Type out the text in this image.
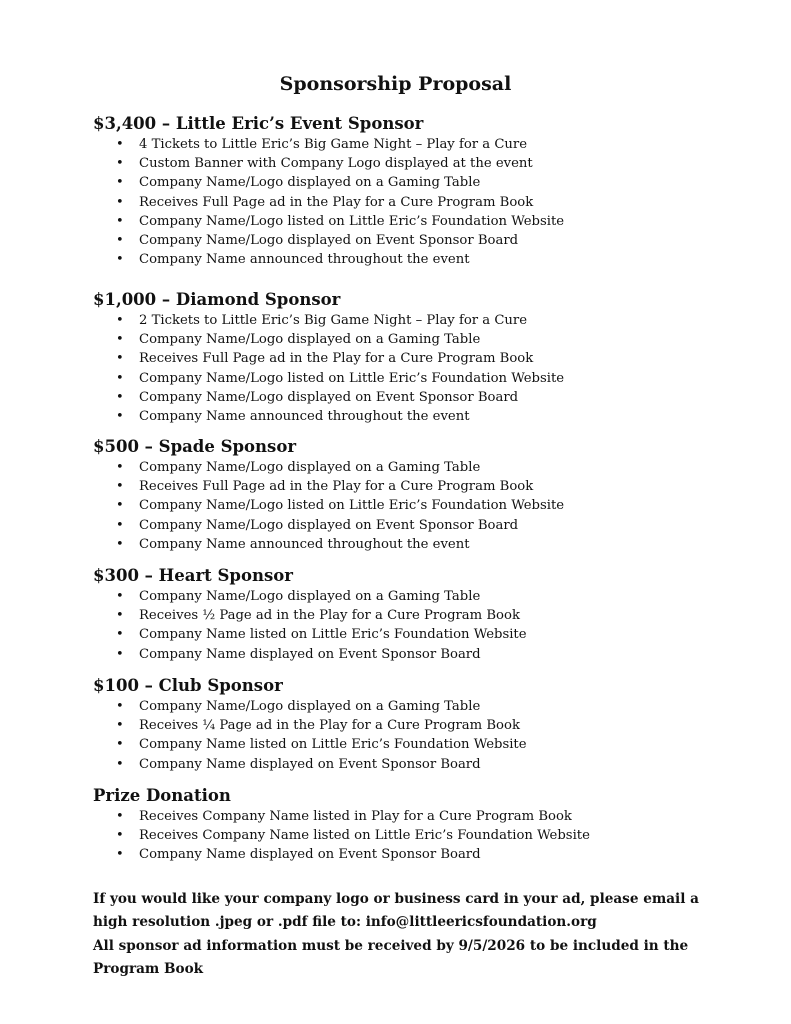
Sponsorship Proposal
$3,400 – Little Eric’s Event Sponsor
• 4 Tickets to Little Eric’s Big Game Night – Play for a Cure
• Custom Banner with Company Logo displayed at the event
• Company Name/Logo displayed on a Gaming Table
• Receives Full Page ad in the Play for a Cure Program Book
• Company Name/Logo listed on Little Eric’s Foundation Website
• Company Name/Logo displayed on Event Sponsor Board
• Company Name announced throughout the event
$1,000 – Diamond Sponsor
• 2 Tickets to Little Eric’s Big Game Night – Play for a Cure
• Company Name/Logo displayed on a Gaming Table
• Receives Full Page ad in the Play for a Cure Program Book
• Company Name/Logo listed on Little Eric’s Foundation Website
• Company Name/Logo displayed on Event Sponsor Board
• Company Name announced throughout the event
$500 – Spade Sponsor
• Company Name/Logo displayed on a Gaming Table
• Receives Full Page ad in the Play for a Cure Program Book
• Company Name/Logo listed on Little Eric’s Foundation Website
• Company Name/Logo displayed on Event Sponsor Board
• Company Name announced throughout the event
$300 – Heart Sponsor
• Company Name/Logo displayed on a Gaming Table
• Receives ½ Page ad in the Play for a Cure Program Book
• Company Name listed on Little Eric’s Foundation Website
• Company Name displayed on Event Sponsor Board
$100 – Club Sponsor
• Company Name/Logo displayed on a Gaming Table
• Receives ¼ Page ad in the Play for a Cure Program Book
• Company Name listed on Little Eric’s Foundation Website
• Company Name displayed on Event Sponsor Board
Prize Donation
• Receives Company Name listed in Play for a Cure Program Book
• Receives Company Name listed on Little Eric’s Foundation Website
• Company Name displayed on Event Sponsor Board

If you would like your company logo or business card in your ad, please email a high resolution .jpeg or .pdf file to: info@littleericsfoundation.org

All sponsor ad information must be received by 9/5/2026 to be included in the Program Book
